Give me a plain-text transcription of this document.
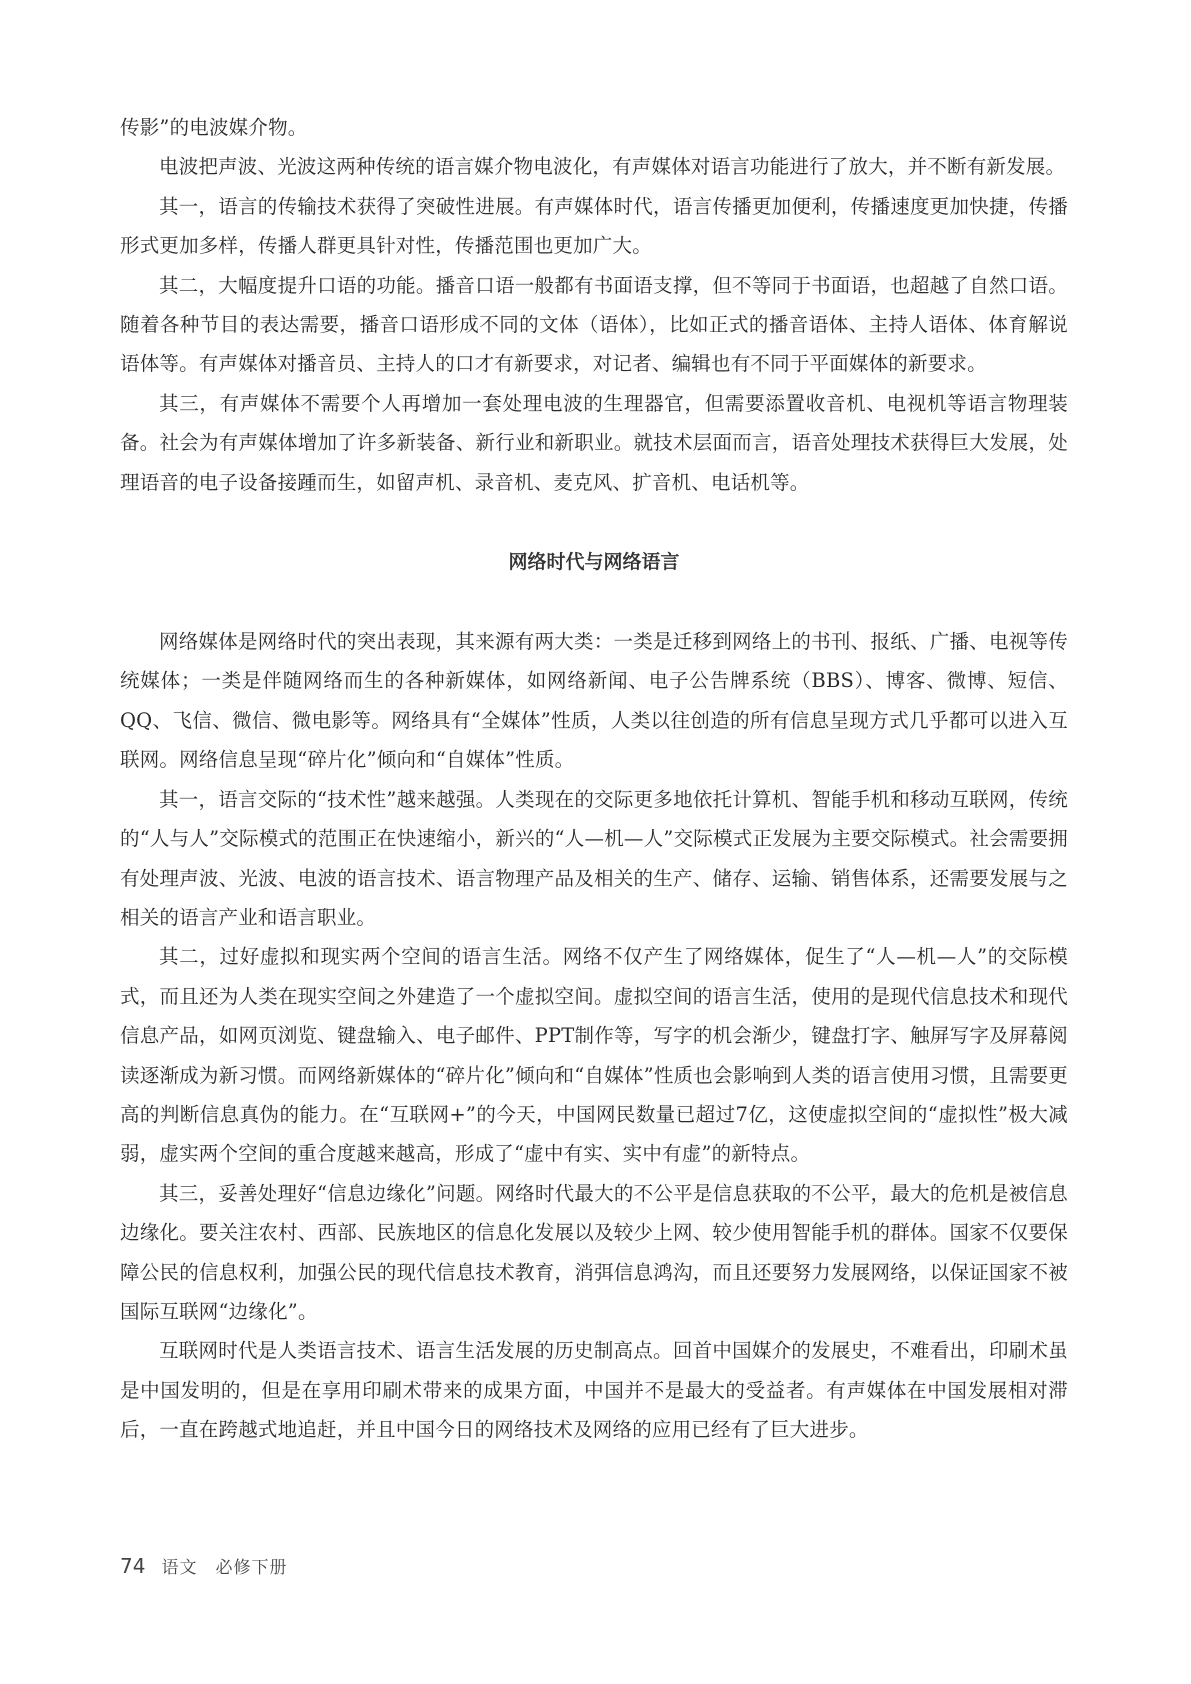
传影”的电波媒介物。

电波把声波、光波这两种传统的语言媒介物电波化，有声媒体对语言功能进行了放大，并不断有新发展。

其一，语言的传输技术获得了突破性进展。有声媒体时代，语言传播更加便利，传播速度更加快捷，传播形式更加多样，传播人群更具针对性，传播范围也更加广大。

其二，大幅度提升口语的功能。播音口语一般都有书面语支撑，但不等同于书面语，也超越了自然口语。随着各种节目的表达需要，播音口语形成不同的文体（语体），比如正式的播音语体、主持人语体、体育解说语体等。有声媒体对播音员、主持人的口才有新要求，对记者、编辑也有不同于平面媒体的新要求。

其三，有声媒体不需要个人再增加一套处理电波的生理器官，但需要添置收音机、电视机等语言物理装备。社会为有声媒体增加了许多新装备、新行业和新职业。就技术层面而言，语音处理技术获得巨大发展，处理语音的电子设备接踵而生，如留声机、录音机、麦克风、扩音机、电话机等。

网络时代与网络语言

网络媒体是网络时代的突出表现，其来源有两大类：一类是迁移到网络上的书刊、报纸、广播、电视等传统媒体；一类是伴随网络而生的各种新媒体，如网络新闻、电子公告牌系统（BBS）、博客、微博、短信、QQ、飞信、微信、微电影等。网络具有“全媒体”性质，人类以往创造的所有信息呈现方式几乎都可以进入互联网。网络信息呈现“碎片化”倾向和“自媒体”性质。

其一，语言交际的“技术性”越来越强。人类现在的交际更多地依托计算机、智能手机和移动互联网，传统的“人与人”交际模式的范围正在快速缩小，新兴的“人—机—人”交际模式正发展为主要交际模式。社会需要拥有处理声波、光波、电波的语言技术、语言物理产品及相关的生产、储存、运输、销售体系，还需要发展与之相关的语言产业和语言职业。

其二，过好虚拟和现实两个空间的语言生活。网络不仅产生了网络媒体，促生了“人—机—人”的交际模式，而且还为人类在现实空间之外建造了一个虚拟空间。虚拟空间的语言生活，使用的是现代信息技术和现代信息产品，如网页浏览、键盘输入、电子邮件、PPT制作等，写字的机会渐少，键盘打字、触屏写字及屏幕阅读逐渐成为新习惯。而网络新媒体的“碎片化”倾向和“自媒体”性质也会影响到人类的语言使用习惯，且需要更高的判断信息真伪的能力。在“互联网+”的今天，中国网民数量已超过7亿，这使虚拟空间的“虚拟性”极大减弱，虚实两个空间的重合度越来越高，形成了“虚中有实、实中有虚”的新特点。

其三，妥善处理好“信息边缘化”问题。网络时代最大的不公平是信息获取的不公平，最大的危机是被信息边缘化。要关注农村、西部、民族地区的信息化发展以及较少上网、较少使用智能手机的群体。国家不仅要保障公民的信息权利，加强公民的现代信息技术教育，消弭信息鸿沟，而且还要努力发展网络，以保证国家不被国际互联网“边缘化”。

互联网时代是人类语言技术、语言生活发展的历史制高点。回首中国媒介的发展史，不难看出，印刷术虽是中国发明的，但是在享用印刷术带来的成果方面，中国并不是最大的受益者。有声媒体在中国发展相对滞后，一直在跨越式地追赶，并且中国今日的网络技术及网络的应用已经有了巨大进步。

74 语文　必修下册
